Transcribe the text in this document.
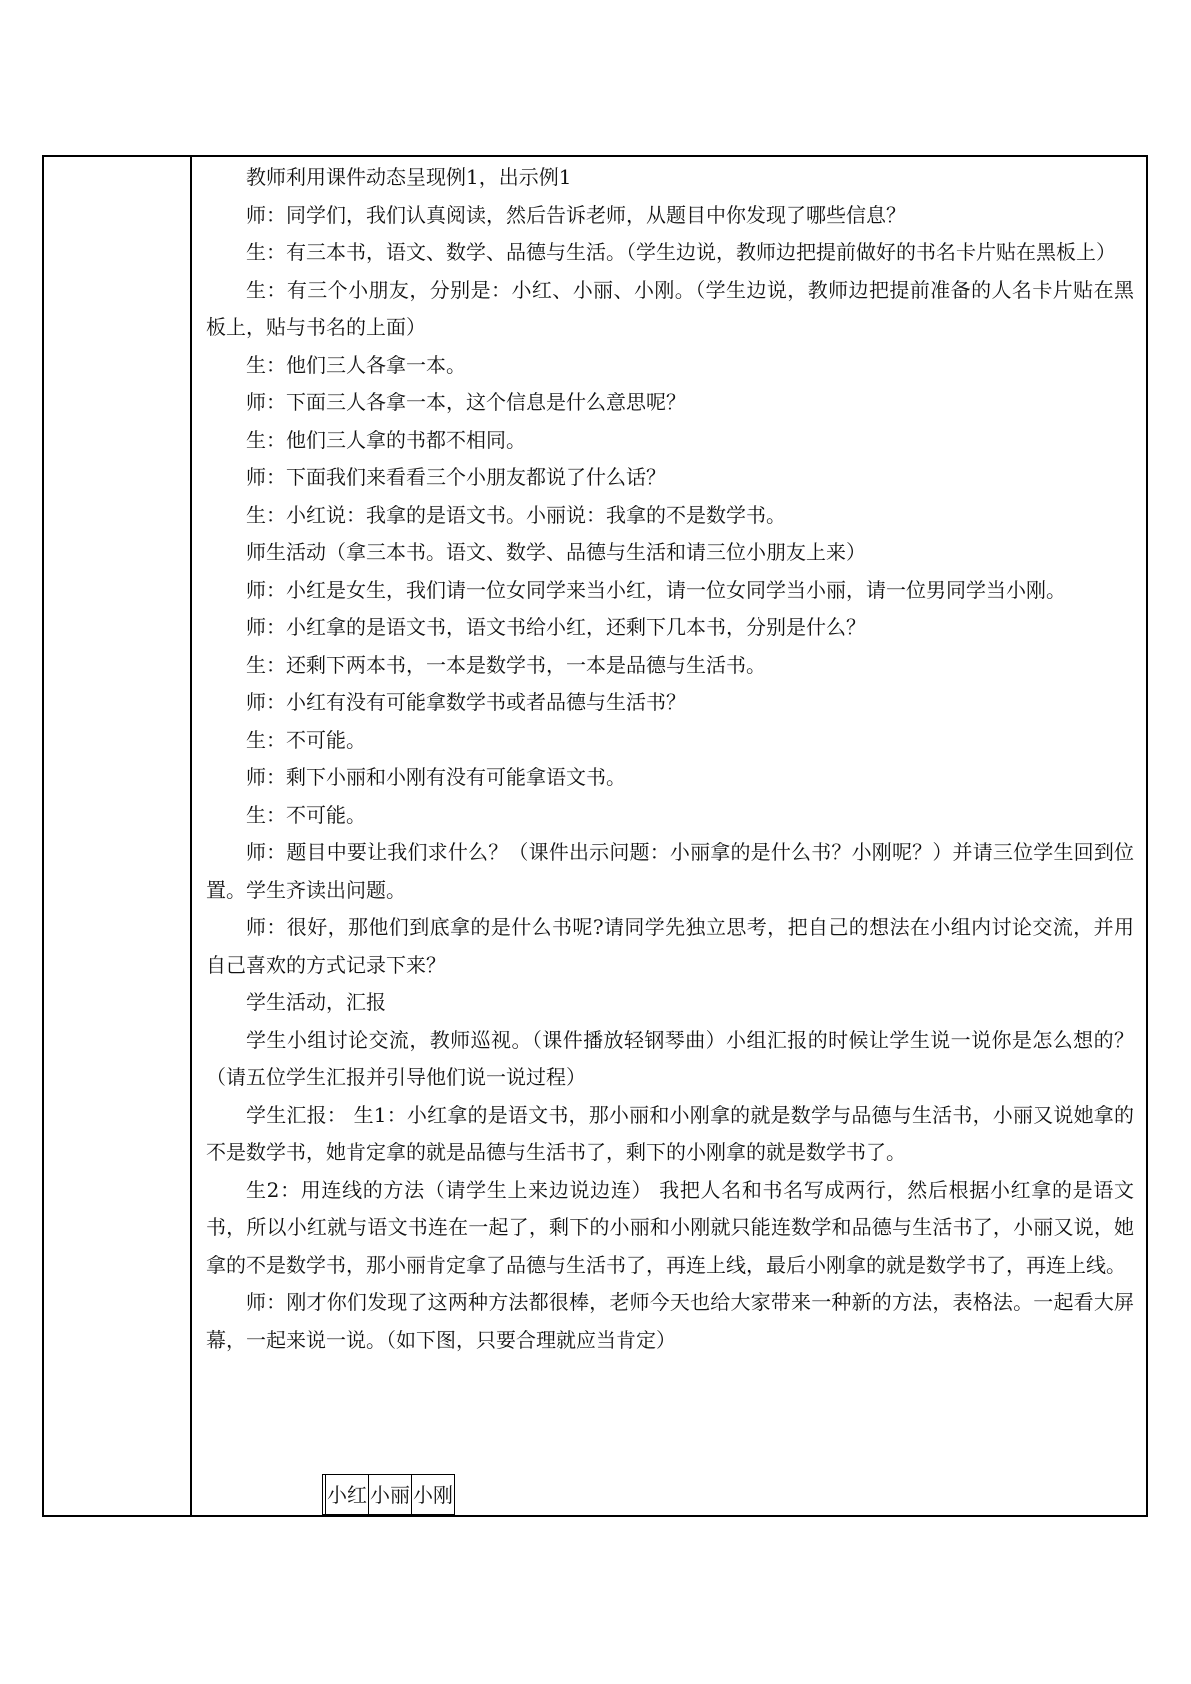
教师利用课件动态呈现例1，出示例1

师：同学们，我们认真阅读，然后告诉老师，从题目中你发现了哪些信息？

生：有三本书，语文、数学、品德与生活。（学生边说，教师边把提前做好的书名卡片贴在黑板上）

生：有三个小朋友，分别是：小红、小丽、小刚。（学生边说，教师边把提前准备的人名卡片贴在黑板上，贴与书名的上面）

生：他们三人各拿一本。

师：下面三人各拿一本，这个信息是什么意思呢？

生：他们三人拿的书都不相同。

师：下面我们来看看三个小朋友都说了什么话？

生：小红说：我拿的是语文书。小丽说：我拿的不是数学书。

师生活动（拿三本书。语文、数学、品德与生活和请三位小朋友上来）

师：小红是女生，我们请一位女同学来当小红，请一位女同学当小丽，请一位男同学当小刚。

师：小红拿的是语文书，语文书给小红，还剩下几本书，分别是什么？

生：还剩下两本书，一本是数学书，一本是品德与生活书。

师：小红有没有可能拿数学书或者品德与生活书？

生：不可能。

师：剩下小丽和小刚有没有可能拿语文书。

生：不可能。

师：题目中要让我们求什么？（课件出示问题：小丽拿的是什么书？小刚呢？）并请三位学生回到位置。学生齐读出问题。

师：很好，那他们到底拿的是什么书呢?请同学先独立思考，把自己的想法在小组内讨论交流，并用自己喜欢的方式记录下来？

学生活动，汇报

学生小组讨论交流，教师巡视。（课件播放轻钢琴曲）小组汇报的时候让学生说一说你是怎么想的？（请五位学生汇报并引导他们说一说过程）

学生汇报： 生1：小红拿的是语文书，那小丽和小刚拿的就是数学与品德与生活书，小丽又说她拿的不是数学书，她肯定拿的就是品德与生活书了，剩下的小刚拿的就是数学书了。

生2：用连线的方法（请学生上来边说边连） 我把人名和书名写成两行，然后根据小红拿的是语文书，所以小红就与语文书连在一起了，剩下的小丽和小刚就只能连数学和品德与生活书了，小丽又说，她拿的不是数学书，那小丽肯定拿了品德与生活书了，再连上线，最后小刚拿的就是数学书了，再连上线。

师：刚才你们发现了这两种方法都很棒，老师今天也给大家带来一种新的方法，表格法。一起看大屏幕，一起来说一说。（如下图，只要合理就应当肯定）

	小红	小丽	小刚
